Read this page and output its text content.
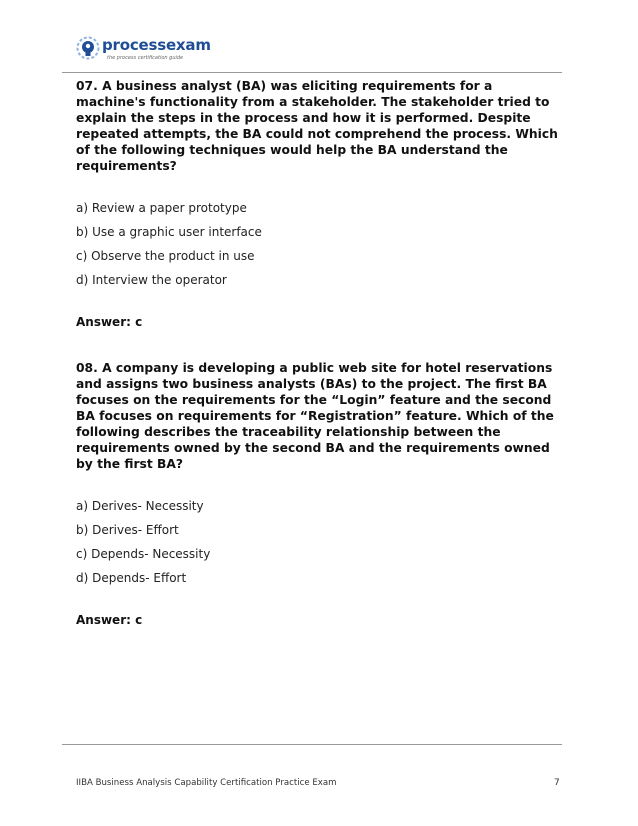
processexam
the process certification guide

07. A business analyst (BA) was eliciting requirements for a machine's functionality from a stakeholder. The stakeholder tried to explain the steps in the process and how it is performed. Despite repeated attempts, the BA could not comprehend the process. Which of the following techniques would help the BA understand the requirements?

a) Review a paper prototype

b) Use a graphic user interface

c) Observe the product in use

d) Interview the operator

Answer: c

08. A company is developing a public web site for hotel reservations and assigns two business analysts (BAs) to the project. The first BA focuses on the requirements for the “Login” feature and the second BA focuses on requirements for “Registration” feature. Which of the following describes the traceability relationship between the requirements owned by the second BA and the requirements owned by the first BA?

a) Derives- Necessity

b) Derives- Effort

c) Depends- Necessity

d) Depends- Effort

Answer: c

IIBA Business Analysis Capability Certification Practice Exam	7
